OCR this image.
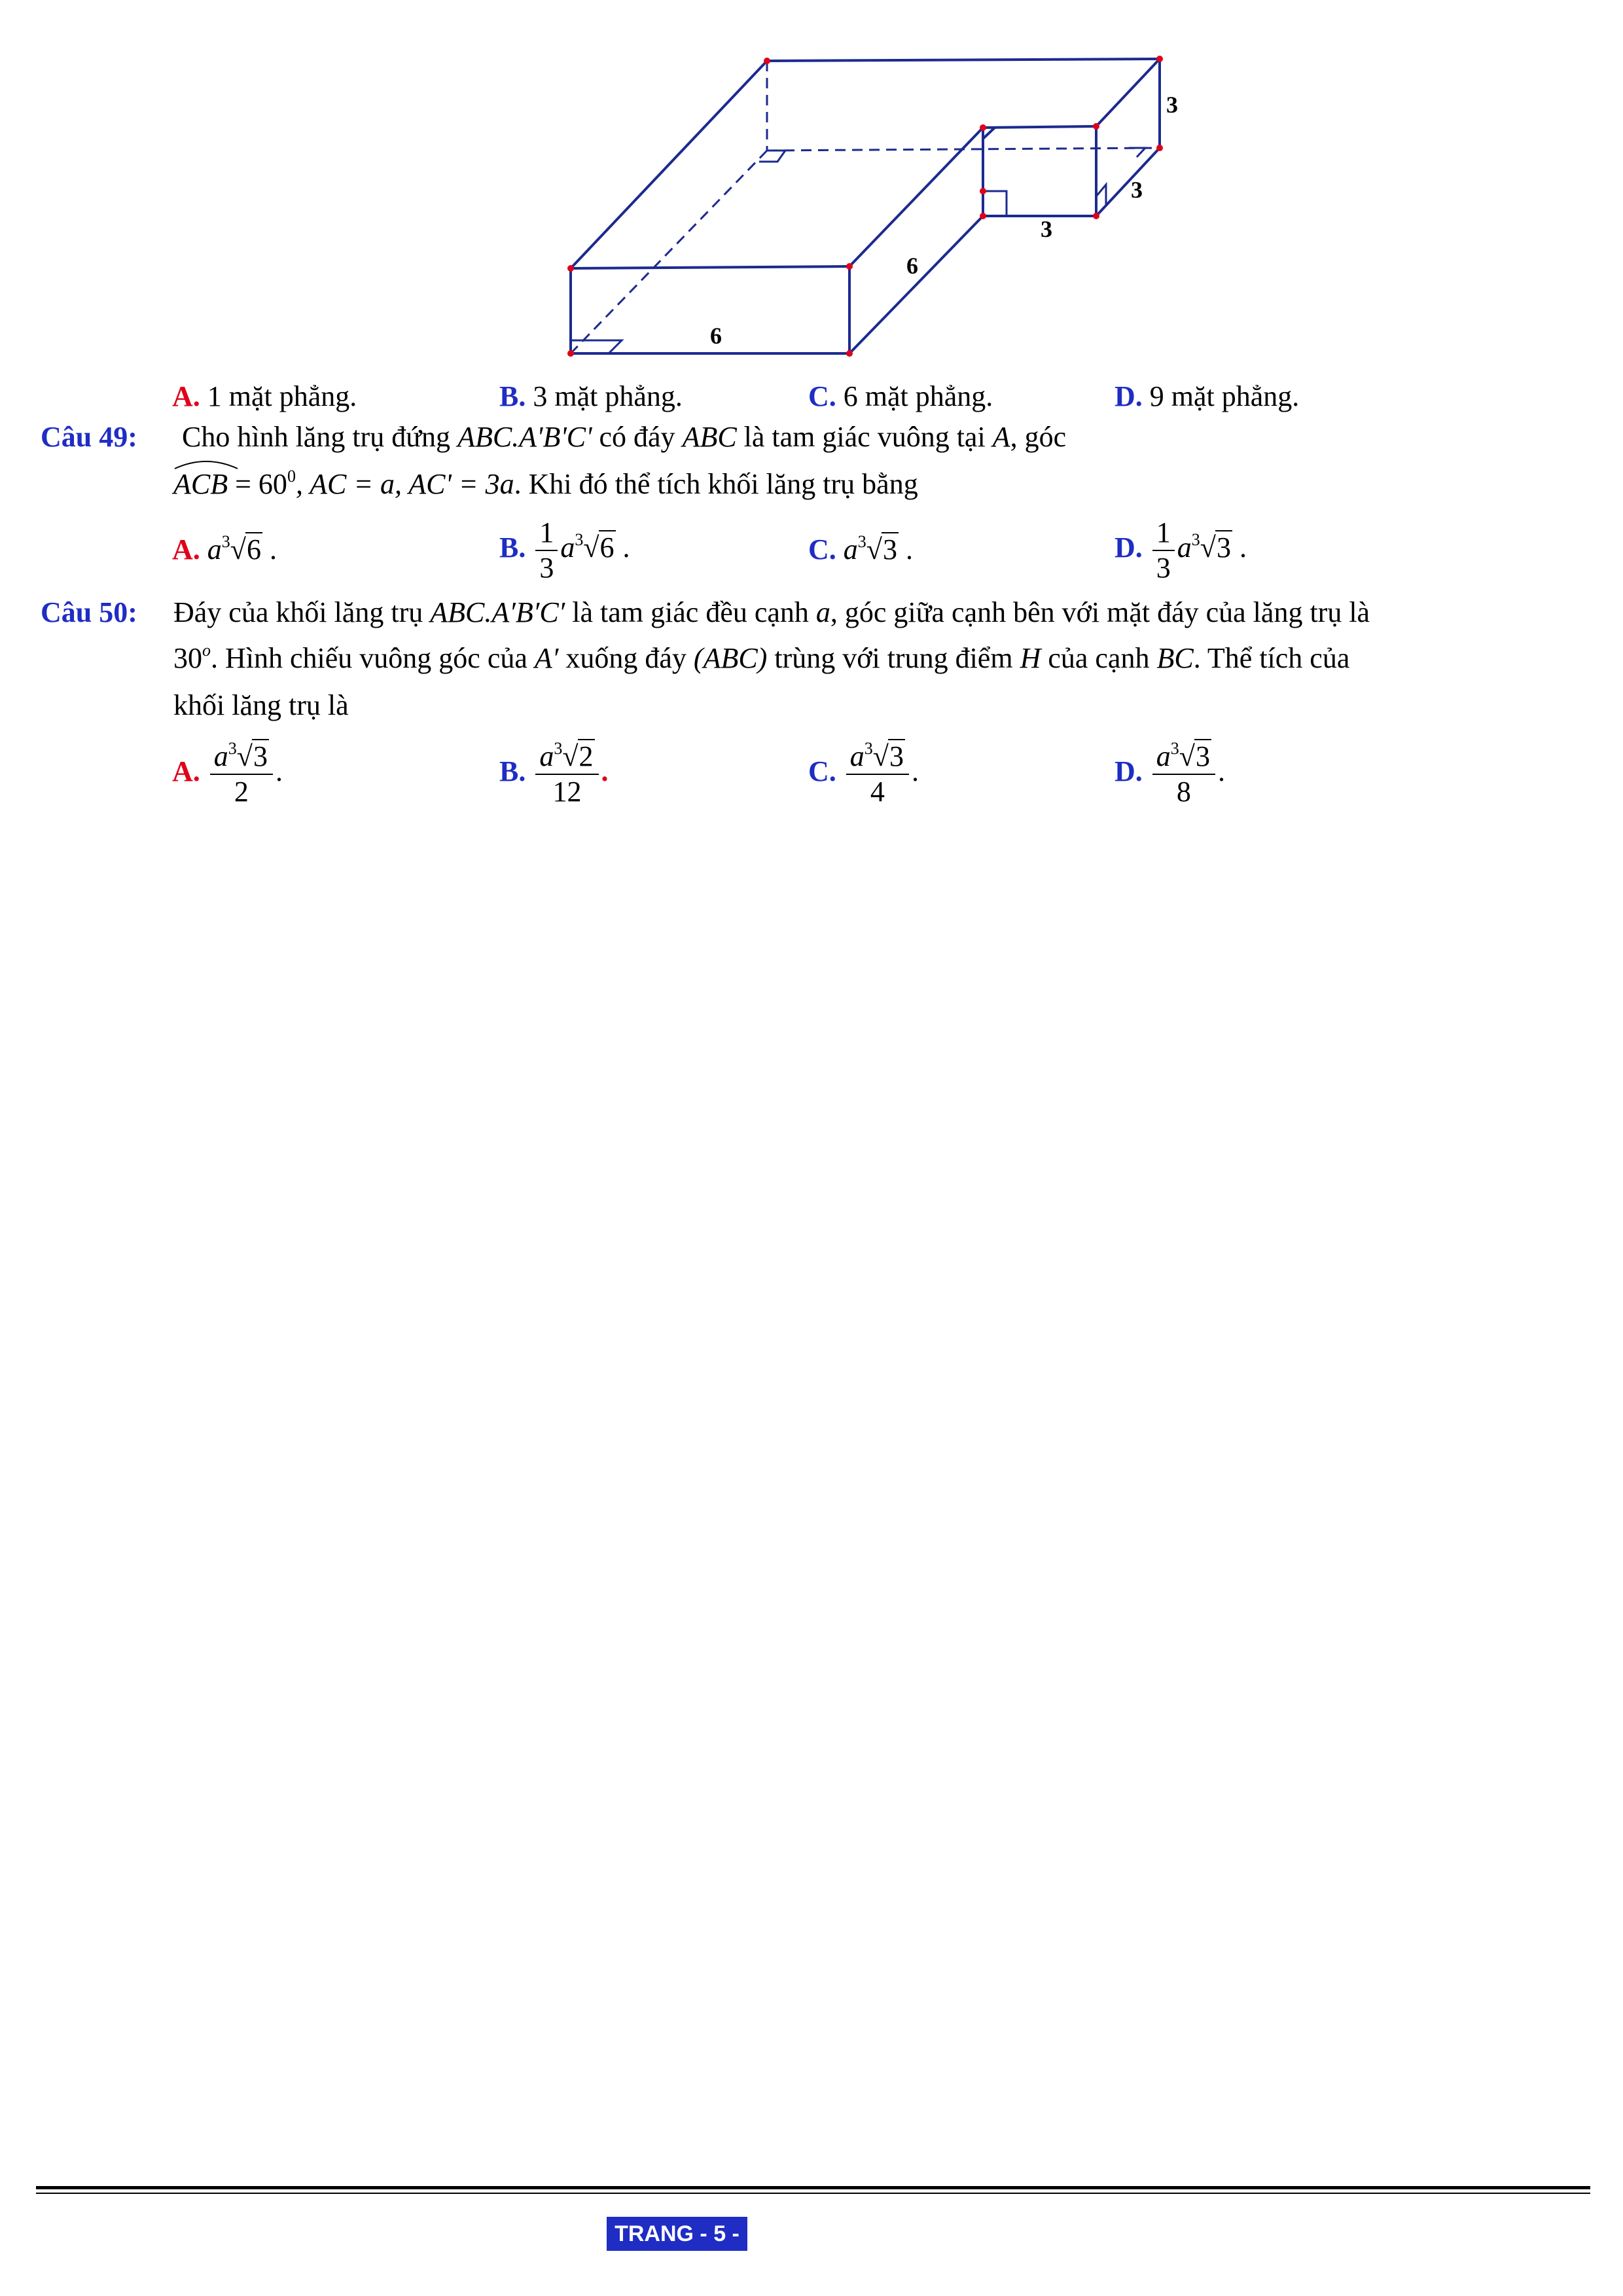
3
3
3
6
6
A. 1 mặt phẳng.	B. 3 mặt phẳng.	C. 6 mặt phẳng.	D. 9 mặt phẳng.
Câu 49: Cho hình lăng trụ đứng ABC.A'B'C' có đáy ABC là tam giác vuông tại A, góc
ACB = $60^0$, AC = a, AC' = 3a. Khi đó thể tích khối lăng trụ bằng
A. $a^3√6$ .	B. $\frac{1}{3} a^3√6$ .	C. $a^3√3$ .	D. $\frac{1}{3} a^3√3$ .
Câu 50: Đáy của khối lăng trụ ABC.A′B′C′ là tam giác đều cạnh a, góc giữa cạnh bên với mặt đáy của lăng trụ là
30$^o$. Hình chiếu vuông góc của A′ xuống đáy (ABC) trùng với trung điểm H của cạnh BC. Thể tích của
khối lăng trụ là
A. $\frac{a^3√3}{2}$ .	B. $\frac{a^3√2}{12}$ .	C. $\frac{a^3√3}{4}$ .	D. $\frac{a^3√3}{8}$ .
TRANG - 5 -
